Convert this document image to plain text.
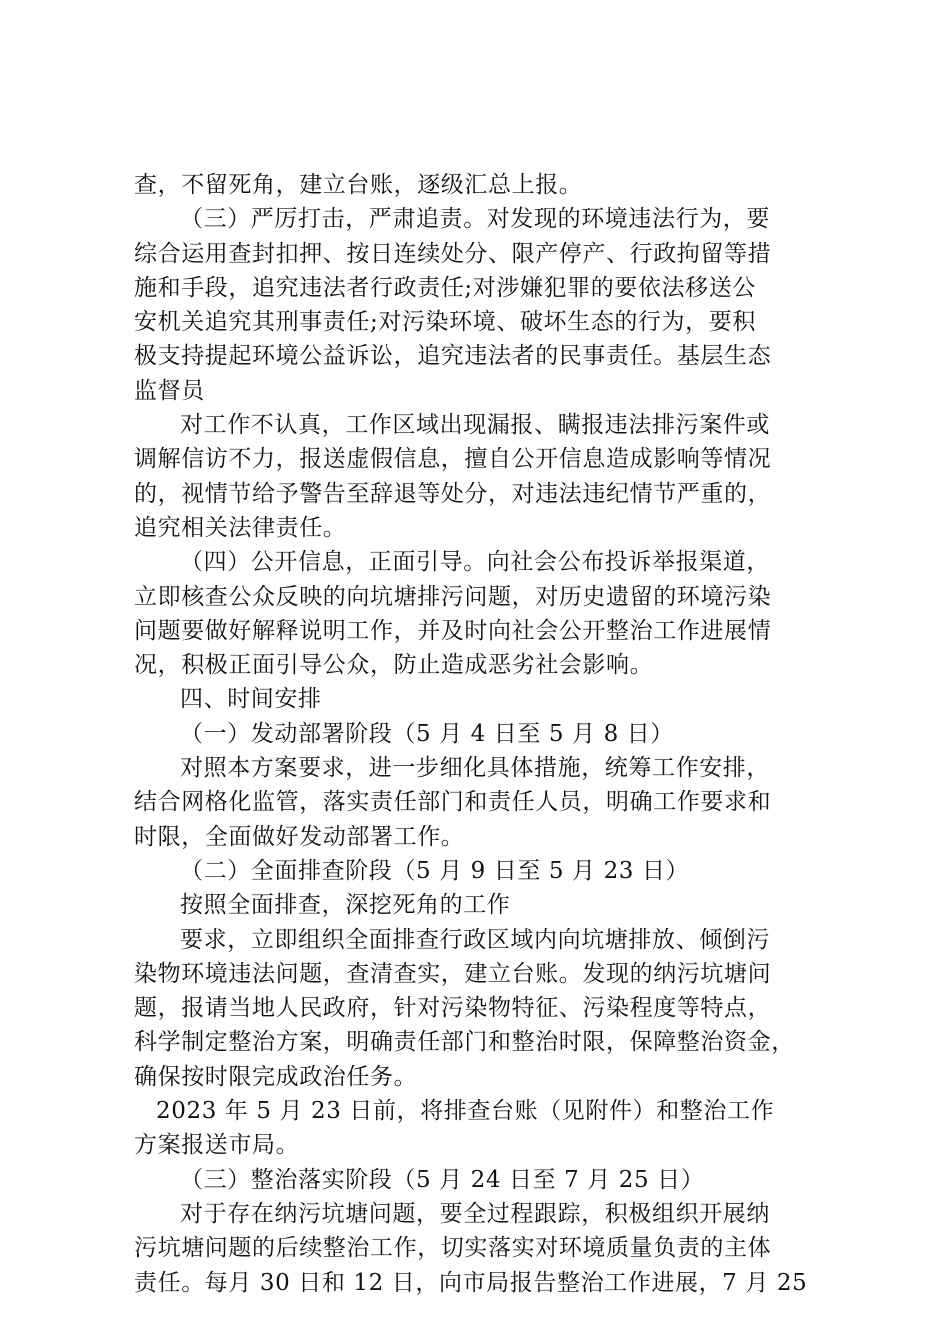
查，不留死角，建立台账，逐级汇总上报。
（三）严厉打击，严肃追责。对发现的环境违法行为，要
综合运用查封扣押、按日连续处分、限产停产、行政拘留等措
施和手段，追究违法者行政责任;对涉嫌犯罪的要依法移送公
安机关追究其刑事责任;对污染环境、破坏生态的行为，要积
极支持提起环境公益诉讼，追究违法者的民事责任。基层生态
监督员
对工作不认真，工作区域出现漏报、瞒报违法排污案件或
调解信访不力，报送虚假信息，擅自公开信息造成影响等情况
的，视情节给予警告至辞退等处分，对违法违纪情节严重的，
追究相关法律责任。
（四）公开信息，正面引导。向社会公布投诉举报渠道，
立即核查公众反映的向坑塘排污问题，对历史遗留的环境污染
问题要做好解释说明工作，并及时向社会公开整治工作进展情
况，积极正面引导公众，防止造成恶劣社会影响。
四、时间安排
（一）发动部署阶段（5 月 4 日至 5 月 8 日）
对照本方案要求，进一步细化具体措施，统筹工作安排，
结合网格化监管，落实责任部门和责任人员，明确工作要求和
时限，全面做好发动部署工作。
（二）全面排查阶段（5 月 9 日至 5 月 23 日）
按照全面排查，深挖死角的工作
要求，立即组织全面排查行政区域内向坑塘排放、倾倒污
染物环境违法问题，查清查实，建立台账。发现的纳污坑塘问
题，报请当地人民政府，针对污染物特征、污染程度等特点，
科学制定整治方案，明确责任部门和整治时限，保障整治资金，
确保按时限完成政治任务。
2023 年 5 月 23 日前，将排查台账（见附件）和整治工作
方案报送市局。
（三）整治落实阶段（5 月 24 日至 7 月 25 日）
对于存在纳污坑塘问题，要全过程跟踪，积极组织开展纳
污坑塘问题的后续整治工作，切实落实对环境质量负责的主体
责任。每月 30 日和 12 日，向市局报告整治工作进展，7 月 25
